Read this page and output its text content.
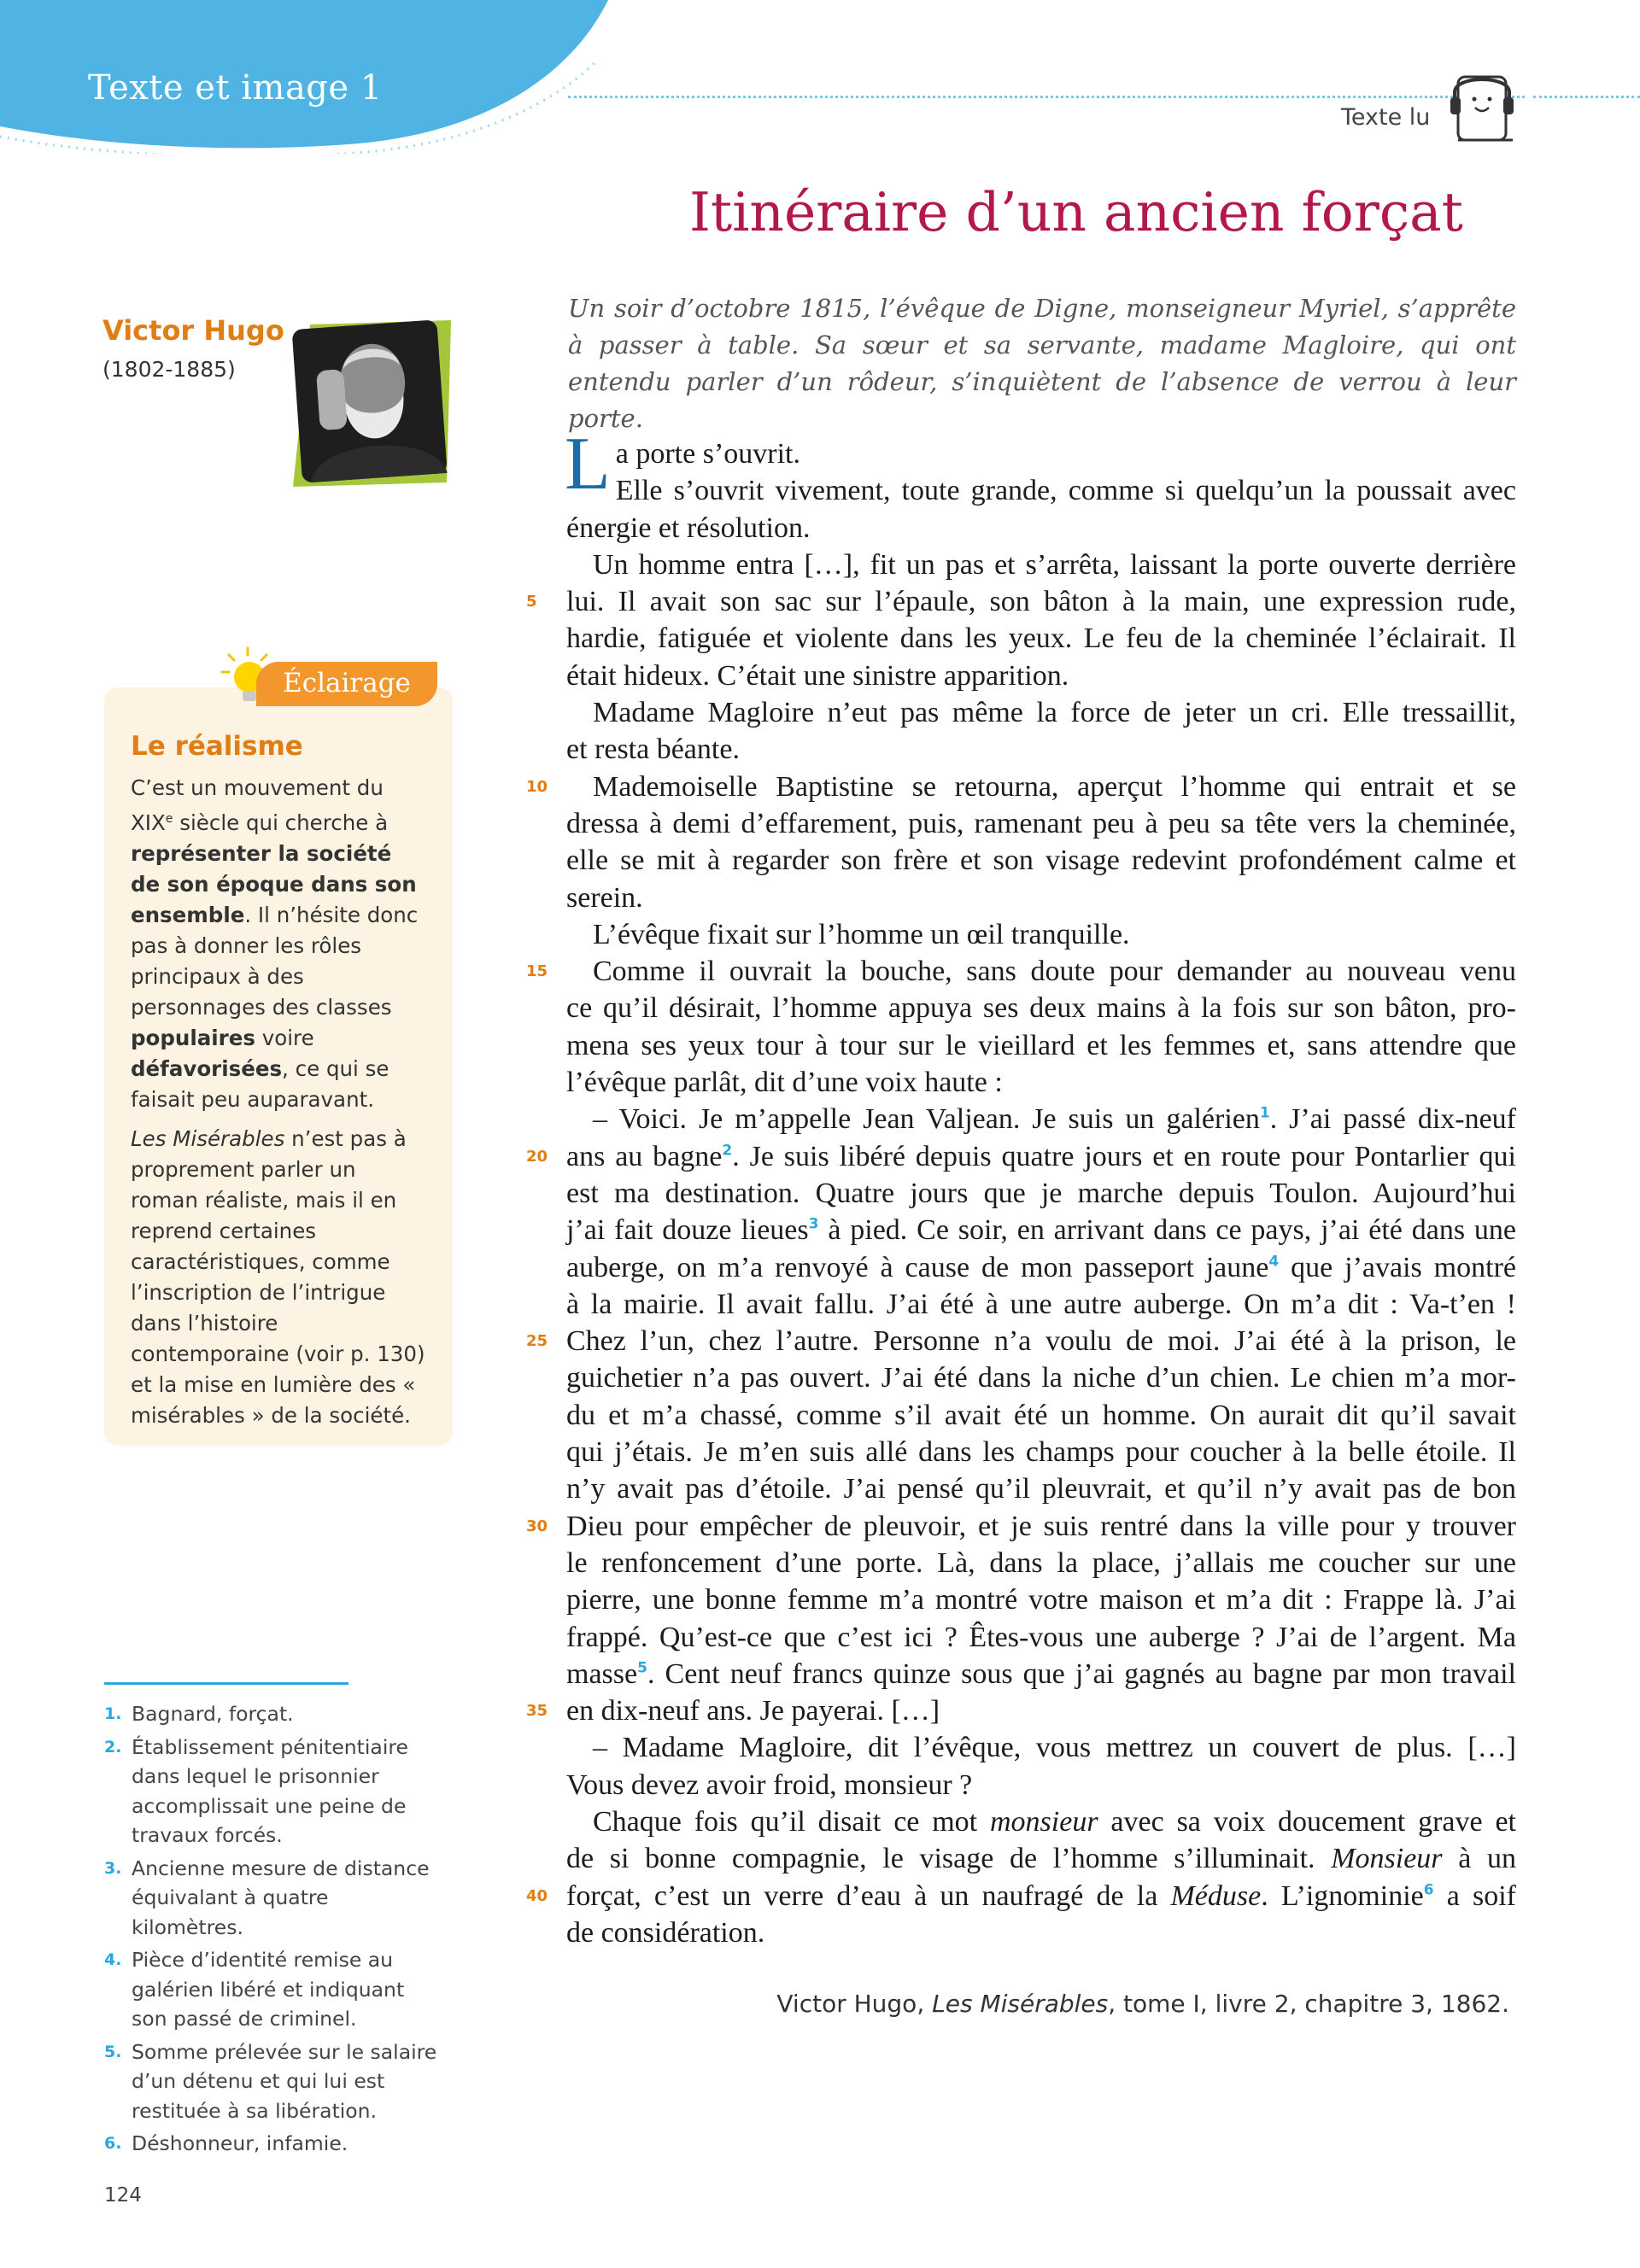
Texte et image 1
Texte lu
Itinéraire d’un ancien forçat
Victor Hugo
(1802-1885)
Un soir d’octobre 1815, l’évêque de Digne, monseigneur Myriel, s’apprête à passer à table. Sa sœur et sa servante, madame Magloire, qui ont entendu parler d’un rôdeur, s’inquiètent de l’absence de verrou à leur porte.
L a porte s’ouvrit.
Elle s’ouvrit vivement, toute grande, comme si quelqu’un la poussait avec
énergie et résolution.
Un homme entra […], fit un pas et s’arrêta, laissant la porte ouverte derrière
5	lui. Il avait son sac sur l’épaule, son bâton à la main, une expression rude,
hardie, fatiguée et violente dans les yeux. Le feu de la cheminée l’éclairait. Il
était hideux. C’était une sinistre apparition.
Madame Magloire n’eut pas même la force de jeter un cri. Elle tressaillit,
et resta béante.
10 Mademoiselle Baptistine se retourna, aperçut l’homme qui entrait et se
dressa à demi d’effarement, puis, ramenant peu à peu sa tête vers la cheminée,
elle se mit à regarder son frère et son visage redevint profondément calme et
serein.
L’évêque fixait sur l’homme un œil tranquille.
15 Comme il ouvrait la bouche, sans doute pour demander au nouveau venu
ce qu’il désirait, l’homme appuya ses deux mains à la fois sur son bâton, pro-
mena ses yeux tour à tour sur le vieillard et les femmes et, sans attendre que
l’évêque parlât, dit d’une voix haute :
– Voici. Je m’appelle Jean Valjean. Je suis un galérien$^1$. J’ai passé dix-neuf
20 ans au bagne$^2$. Je suis libéré depuis quatre jours et en route pour Pontarlier qui
est ma destination. Quatre jours que je marche depuis Toulon. Aujourd’hui
j’ai fait douze lieues$^3$ à pied. Ce soir, en arrivant dans ce pays, j’ai été dans une
auberge, on m’a renvoyé à cause de mon passeport jaune$^4$ que j’avais montré
à la mairie. Il avait fallu. J’ai été à une autre auberge. On m’a dit : Va-t’en !
25 Chez l’un, chez l’autre. Personne n’a voulu de moi. J’ai été à la prison, le
guichetier n’a pas ouvert. J’ai été dans la niche d’un chien. Le chien m’a mor-
du et m’a chassé, comme s’il avait été un homme. On aurait dit qu’il savait
qui j’étais. Je m’en suis allé dans les champs pour coucher à la belle étoile. Il
n’y avait pas d’étoile. J’ai pensé qu’il pleuvrait, et qu’il n’y avait pas de bon
30 Dieu pour empêcher de pleuvoir, et je suis rentré dans la ville pour y trouver
le renfoncement d’une porte. Là, dans la place, j’allais me coucher sur une
pierre, une bonne femme m’a montré votre maison et m’a dit : Frappe là. J’ai
frappé. Qu’est-ce que c’est ici ? Êtes-vous une auberge ? J’ai de l’argent. Ma
masse$^5$. Cent neuf francs quinze sous que j’ai gagnés au bagne par mon travail
35 en dix-neuf ans. Je payerai. […]
– Madame Magloire, dit l’évêque, vous mettrez un couvert de plus. […]
Vous devez avoir froid, monsieur ?
Chaque fois qu’il disait ce mot monsieur avec sa voix doucement grave et
de si bonne compagnie, le visage de l’homme s’illuminait. Monsieur à un
40 forçat, c’est un verre d’eau à un naufragé de la Méduse. L’ignominie$^6$ a soif
de considération.
Victor Hugo, Les Misérables, tome I, livre 2, chapitre 3, 1862.
Éclairage
Le réalisme

C’est un mouvement du XIXe siècle qui cherche à représenter la société de son époque dans son ensemble. Il n’hésite donc pas à donner les rôles principaux à des personnages des classes populaires voire défavorisées, ce qui se faisait peu auparavant.

Les Misérables n’est pas à proprement parler un roman réaliste, mais il en reprend certaines caractéristiques, comme l’inscription de l’intrigue dans l’histoire contemporaine (voir p. 130) et la mise en lumière des « misérables » de la société.

1. Bagnard, forçat.
2. Établissement pénitentiaire dans lequel le prisonnier accomplissait une peine de travaux forcés.
3. Ancienne mesure de distance équivalant à quatre kilomètres.
4. Pièce d’identité remise au galérien libéré et indiquant son passé de criminel.
5. Somme prélevée sur le salaire d’un détenu et qui lui est restituée à sa libération.
6. Déshonneur, infamie.
124
